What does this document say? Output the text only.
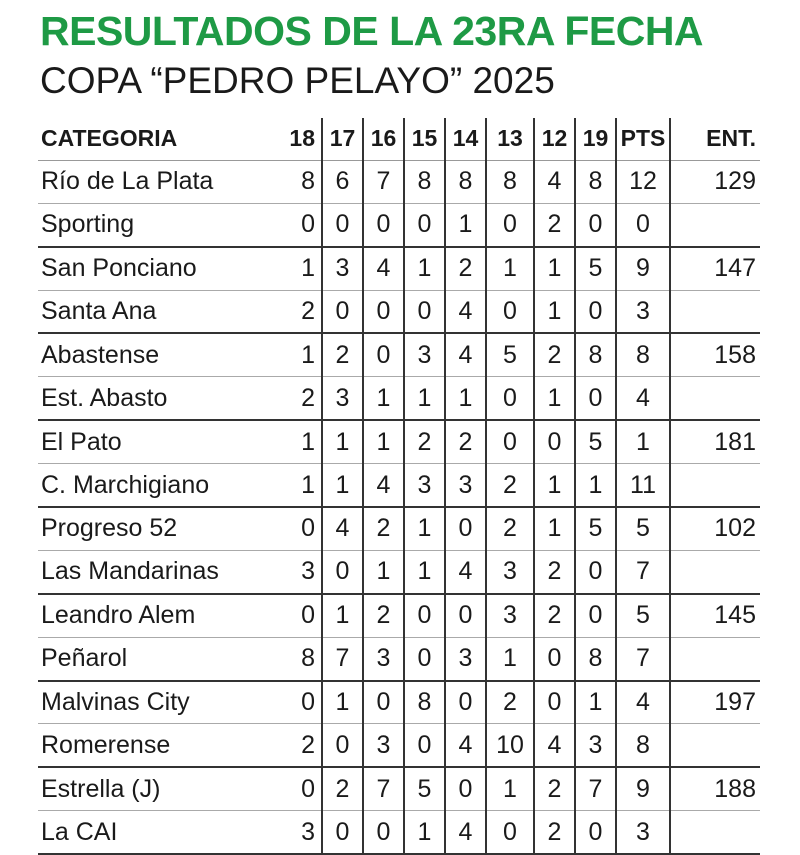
RESULTADOS DE LA 23RA FECHA
COPA “PEDRO PELAYO” 2025
CATEGORIA	18	17	16	15	14	13	12	19	PTS	ENT.
Río de La Plata	8	6	7	8	8	8	4	8	12	129
Sporting	0	0	0	0	1	0	2	0	0	
San Ponciano	1	3	4	1	2	1	1	5	9	147
Santa Ana	2	0	0	0	4	0	1	0	3	
Abastense	1	2	0	3	4	5	2	8	8	158
Est. Abasto	2	3	1	1	1	0	1	0	4	
El Pato	1	1	1	2	2	0	0	5	1	181
C. Marchigiano	1	1	4	3	3	2	1	1	11	
Progreso 52	0	4	2	1	0	2	1	5	5	102
Las Mandarinas	3	0	1	1	4	3	2	0	7	
Leandro Alem	0	1	2	0	0	3	2	0	5	145
Peñarol	8	7	3	0	3	1	0	8	7	
Malvinas City	0	1	0	8	0	2	0	1	4	197
Romerense	2	0	3	0	4	10	4	3	8	
Estrella (J)	0	2	7	5	0	1	2	7	9	188
La CAI	3	0	0	1	4	0	2	0	3	
